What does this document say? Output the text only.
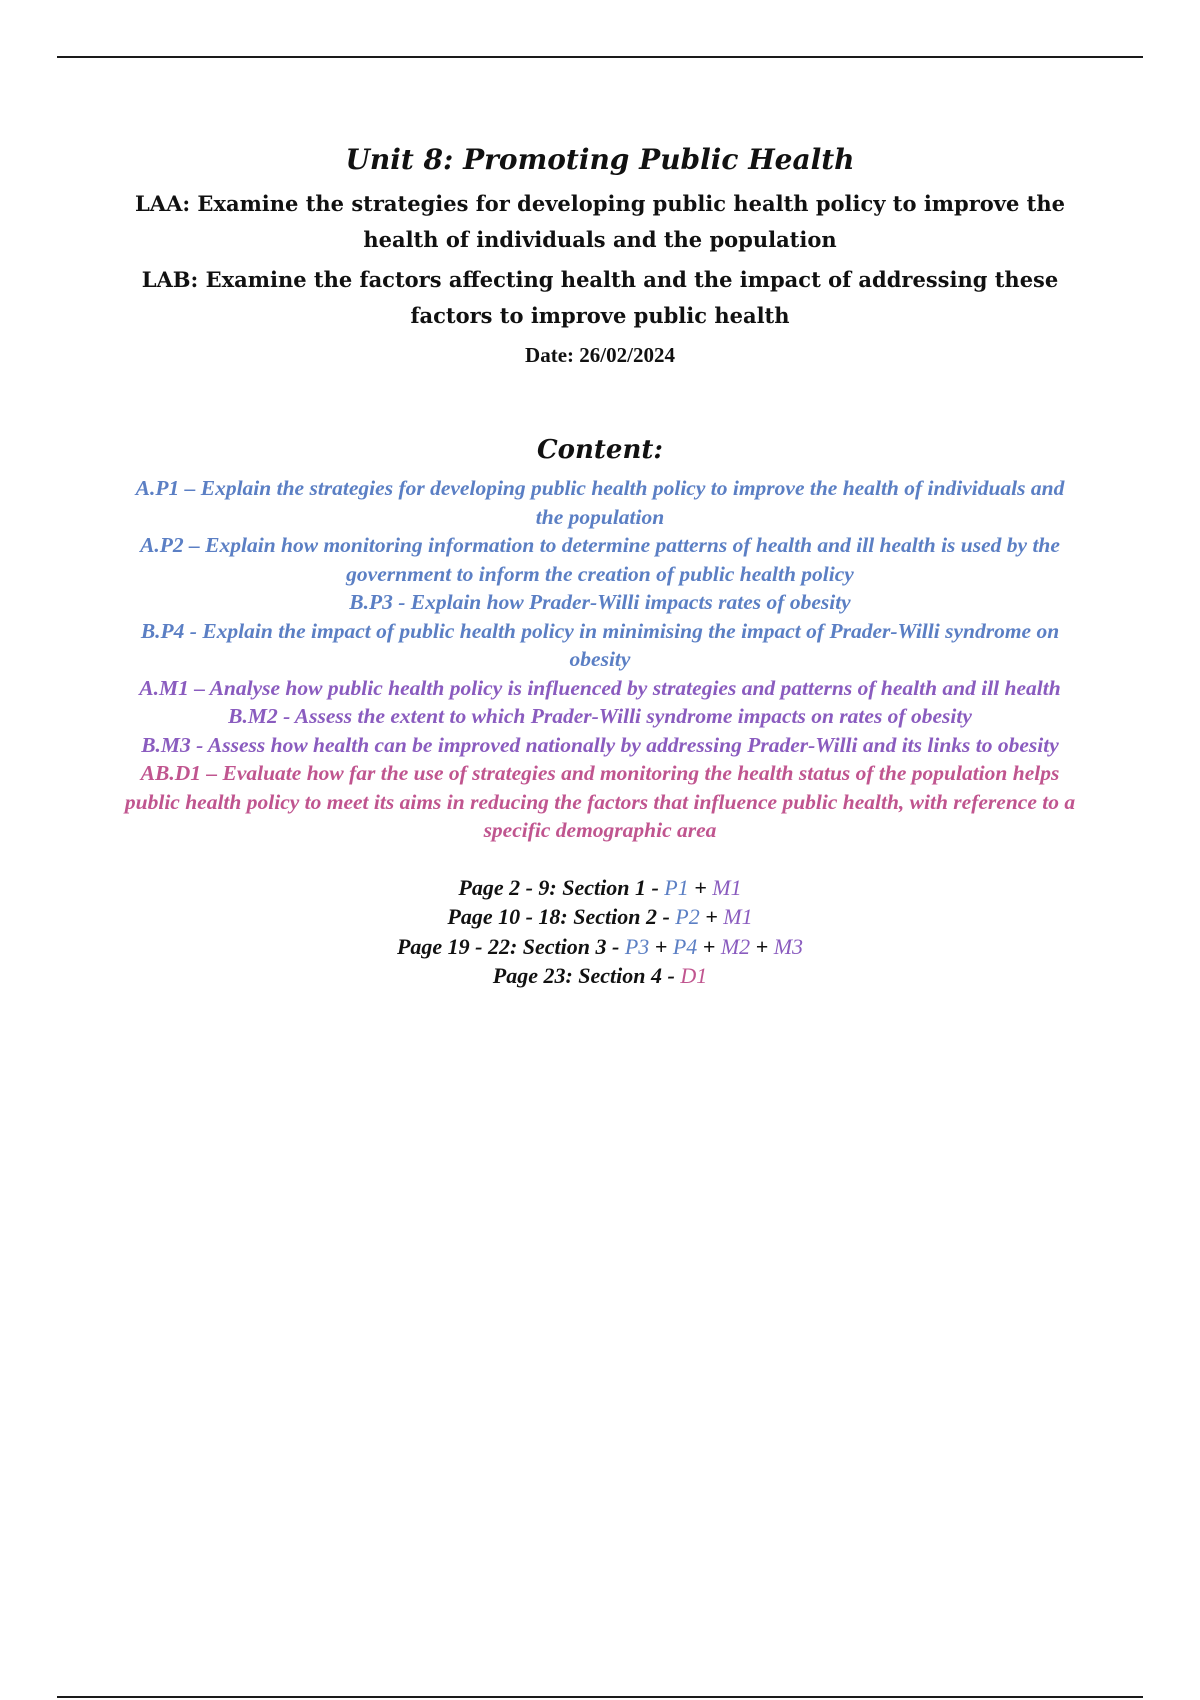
Unit 8: Promoting Public Health

LAA: Examine the strategies for developing public health policy to improve the health of individuals and the population

LAB: Examine the factors affecting health and the impact of addressing these factors to improve public health

Date: 26/02/2024

Content:
A.P1 – Explain the strategies for developing public health policy to improve the health of individuals and the population
A.P2 – Explain how monitoring information to determine patterns of health and ill health is used by the government to inform the creation of public health policy
B.P3 - Explain how Prader-Willi impacts rates of obesity
B.P4 - Explain the impact of public health policy in minimising the impact of Prader-Willi syndrome on obesity
A.M1 – Analyse how public health policy is influenced by strategies and patterns of health and ill health
B.M2 - Assess the extent to which Prader-Willi syndrome impacts on rates of obesity
B.M3 - Assess how health can be improved nationally by addressing Prader-Willi and its links to obesity
AB.D1 – Evaluate how far the use of strategies and monitoring the health status of the population helps public health policy to meet its aims in reducing the factors that influence public health, with reference to a specific demographic area
Page 2 - 9: Section 1 - P1 + M1
Page 10 - 18: Section 2 - P2 + M1
Page 19 - 22: Section 3 - P3 + P4 + M2 + M3
Page 23: Section 4 - D1
